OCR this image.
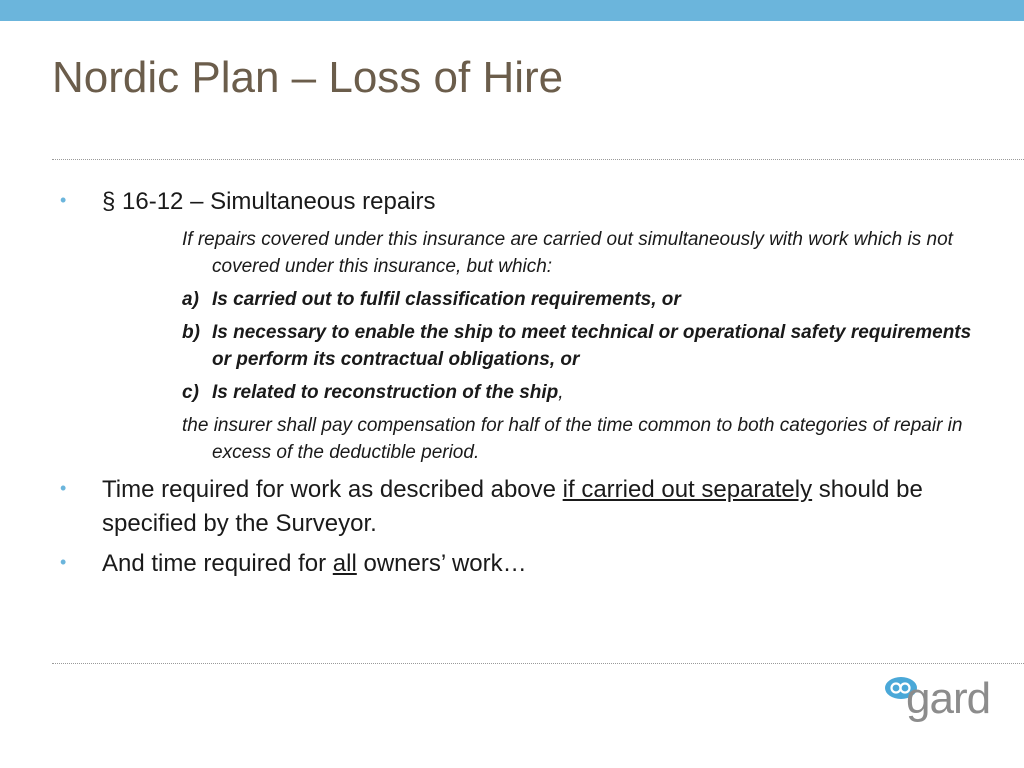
Nordic Plan – Loss of Hire
• § 16-12 – Simultaneous repairs
If repairs covered under this insurance are carried out simultaneously with work which is not covered under this insurance, but which:
a) Is carried out to fulfil classification requirements, or
b) Is necessary to enable the ship to meet technical or operational safety requirements or perform its contractual obligations, or
c) Is related to reconstruction of the ship,
the insurer shall pay compensation for half of the time common to both categories of repair in excess of the deductible period.
• Time required for work as described above if carried out separately should be specified by the Surveyor.
• And time required for all owners’ work…
gard
